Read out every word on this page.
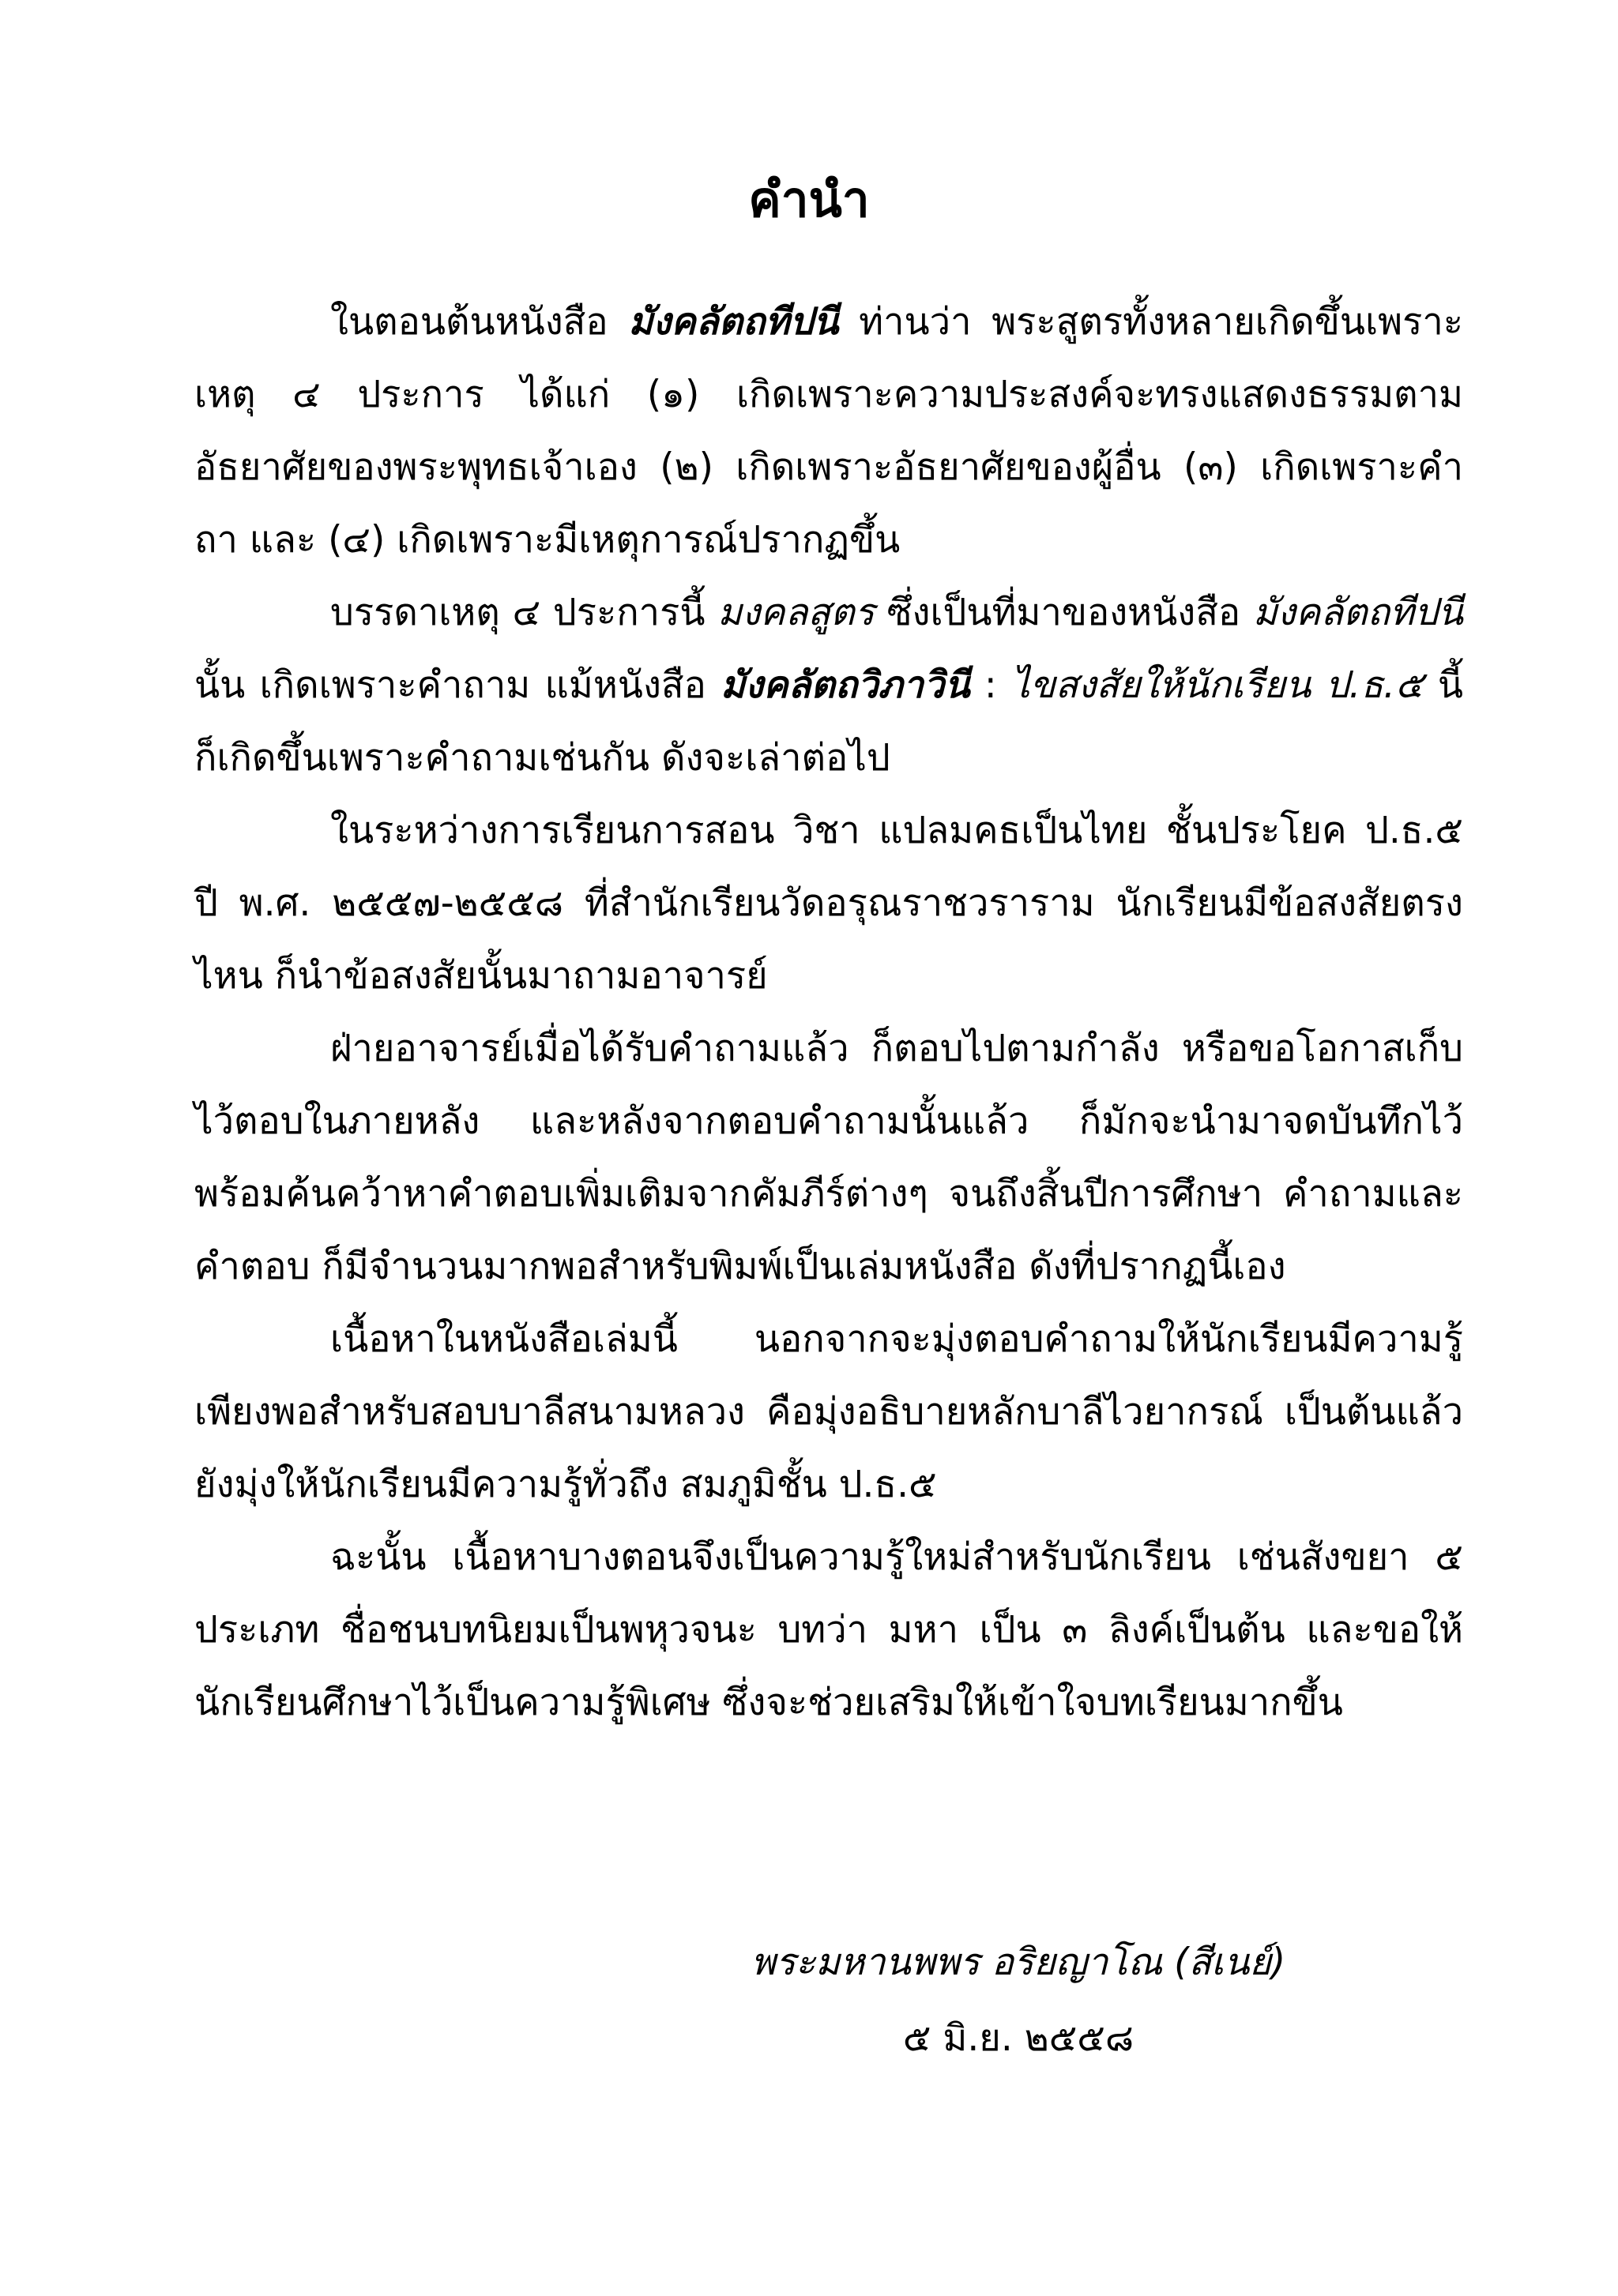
คำนำ

ในตอนต้นหนังสือ มังคลัตถทีปนี ท่านว่า พระสูตรทั้งหลายเกิดขึ้นเพราะเหตุ ๔ ประการ ได้แก่ (๑) เกิดเพราะความประสงค์จะทรงแสดงธรรมตามอัธยาศัยของพระพุทธเจ้าเอง (๒) เกิดเพราะอัธยาศัยของผู้อื่น (๓) เกิดเพราะคำถา และ (๔) เกิดเพราะมีเหตุการณ์ปรากฏขึ้น

บรรดาเหตุ ๔ ประการนี้ มงคลสูตร ซึ่งเป็นที่มาของหนังสือ มังคลัตถทีปนี นั้น เกิดเพราะคำถาม แม้หนังสือ มังคลัตถวิภาวินี : ไขสงสัยให้นักเรียน ป.ธ.๕ นี้ก็เกิดขึ้นเพราะคำถามเช่นกัน ดังจะเล่าต่อไป

ในระหว่างการเรียนการสอน วิชา แปลมคธเป็นไทย ชั้นประโยค ป.ธ.๕ ปี พ.ศ. ๒๕๕๗-๒๕๕๘ ที่สำนักเรียนวัดอรุณราชวราราม นักเรียนมีข้อสงสัยตรงไหน ก็นำข้อสงสัยนั้นมาถามอาจารย์

ฝ่ายอาจารย์เมื่อได้รับคำถามแล้ว ก็ตอบไปตามกำลัง หรือขอโอกาสเก็บไว้ตอบในภายหลัง และหลังจากตอบคำถามนั้นแล้ว ก็มักจะนำมาจดบันทึกไว้ พร้อมค้นคว้าหาคำตอบเพิ่มเติมจากคัมภีร์ต่างๆ จนถึงสิ้นปีการศึกษา คำถามและคำตอบ ก็มีจำนวนมากพอสำหรับพิมพ์เป็นเล่มหนังสือ ดังที่ปรากฏนี้เอง

เนื้อหาในหนังสือเล่มนี้ นอกจากจะมุ่งตอบคำถามให้นักเรียนมีความรู้เพียงพอสำหรับสอบบาลีสนามหลวง คือมุ่งอธิบายหลักบาลีไวยากรณ์ เป็นต้นแล้ว ยังมุ่งให้นักเรียนมีความรู้ทั่วถึง สมภูมิชั้น ป.ธ.๕

ฉะนั้น เนื้อหาบางตอนจึงเป็นความรู้ใหม่สำหรับนักเรียน เช่นสังขยา ๕ ประเภท ชื่อชนบทนิยมเป็นพหุวจนะ บทว่า มหา เป็น ๓ ลิงค์เป็นต้น และขอให้นักเรียนศึกษาไว้เป็นความรู้พิเศษ ซึ่งจะช่วยเสริมให้เข้าใจบทเรียนมากขึ้น

พระมหานพพร อริยญาโณ (สีเนย์)
๕ มิ.ย. ๒๕๕๘
